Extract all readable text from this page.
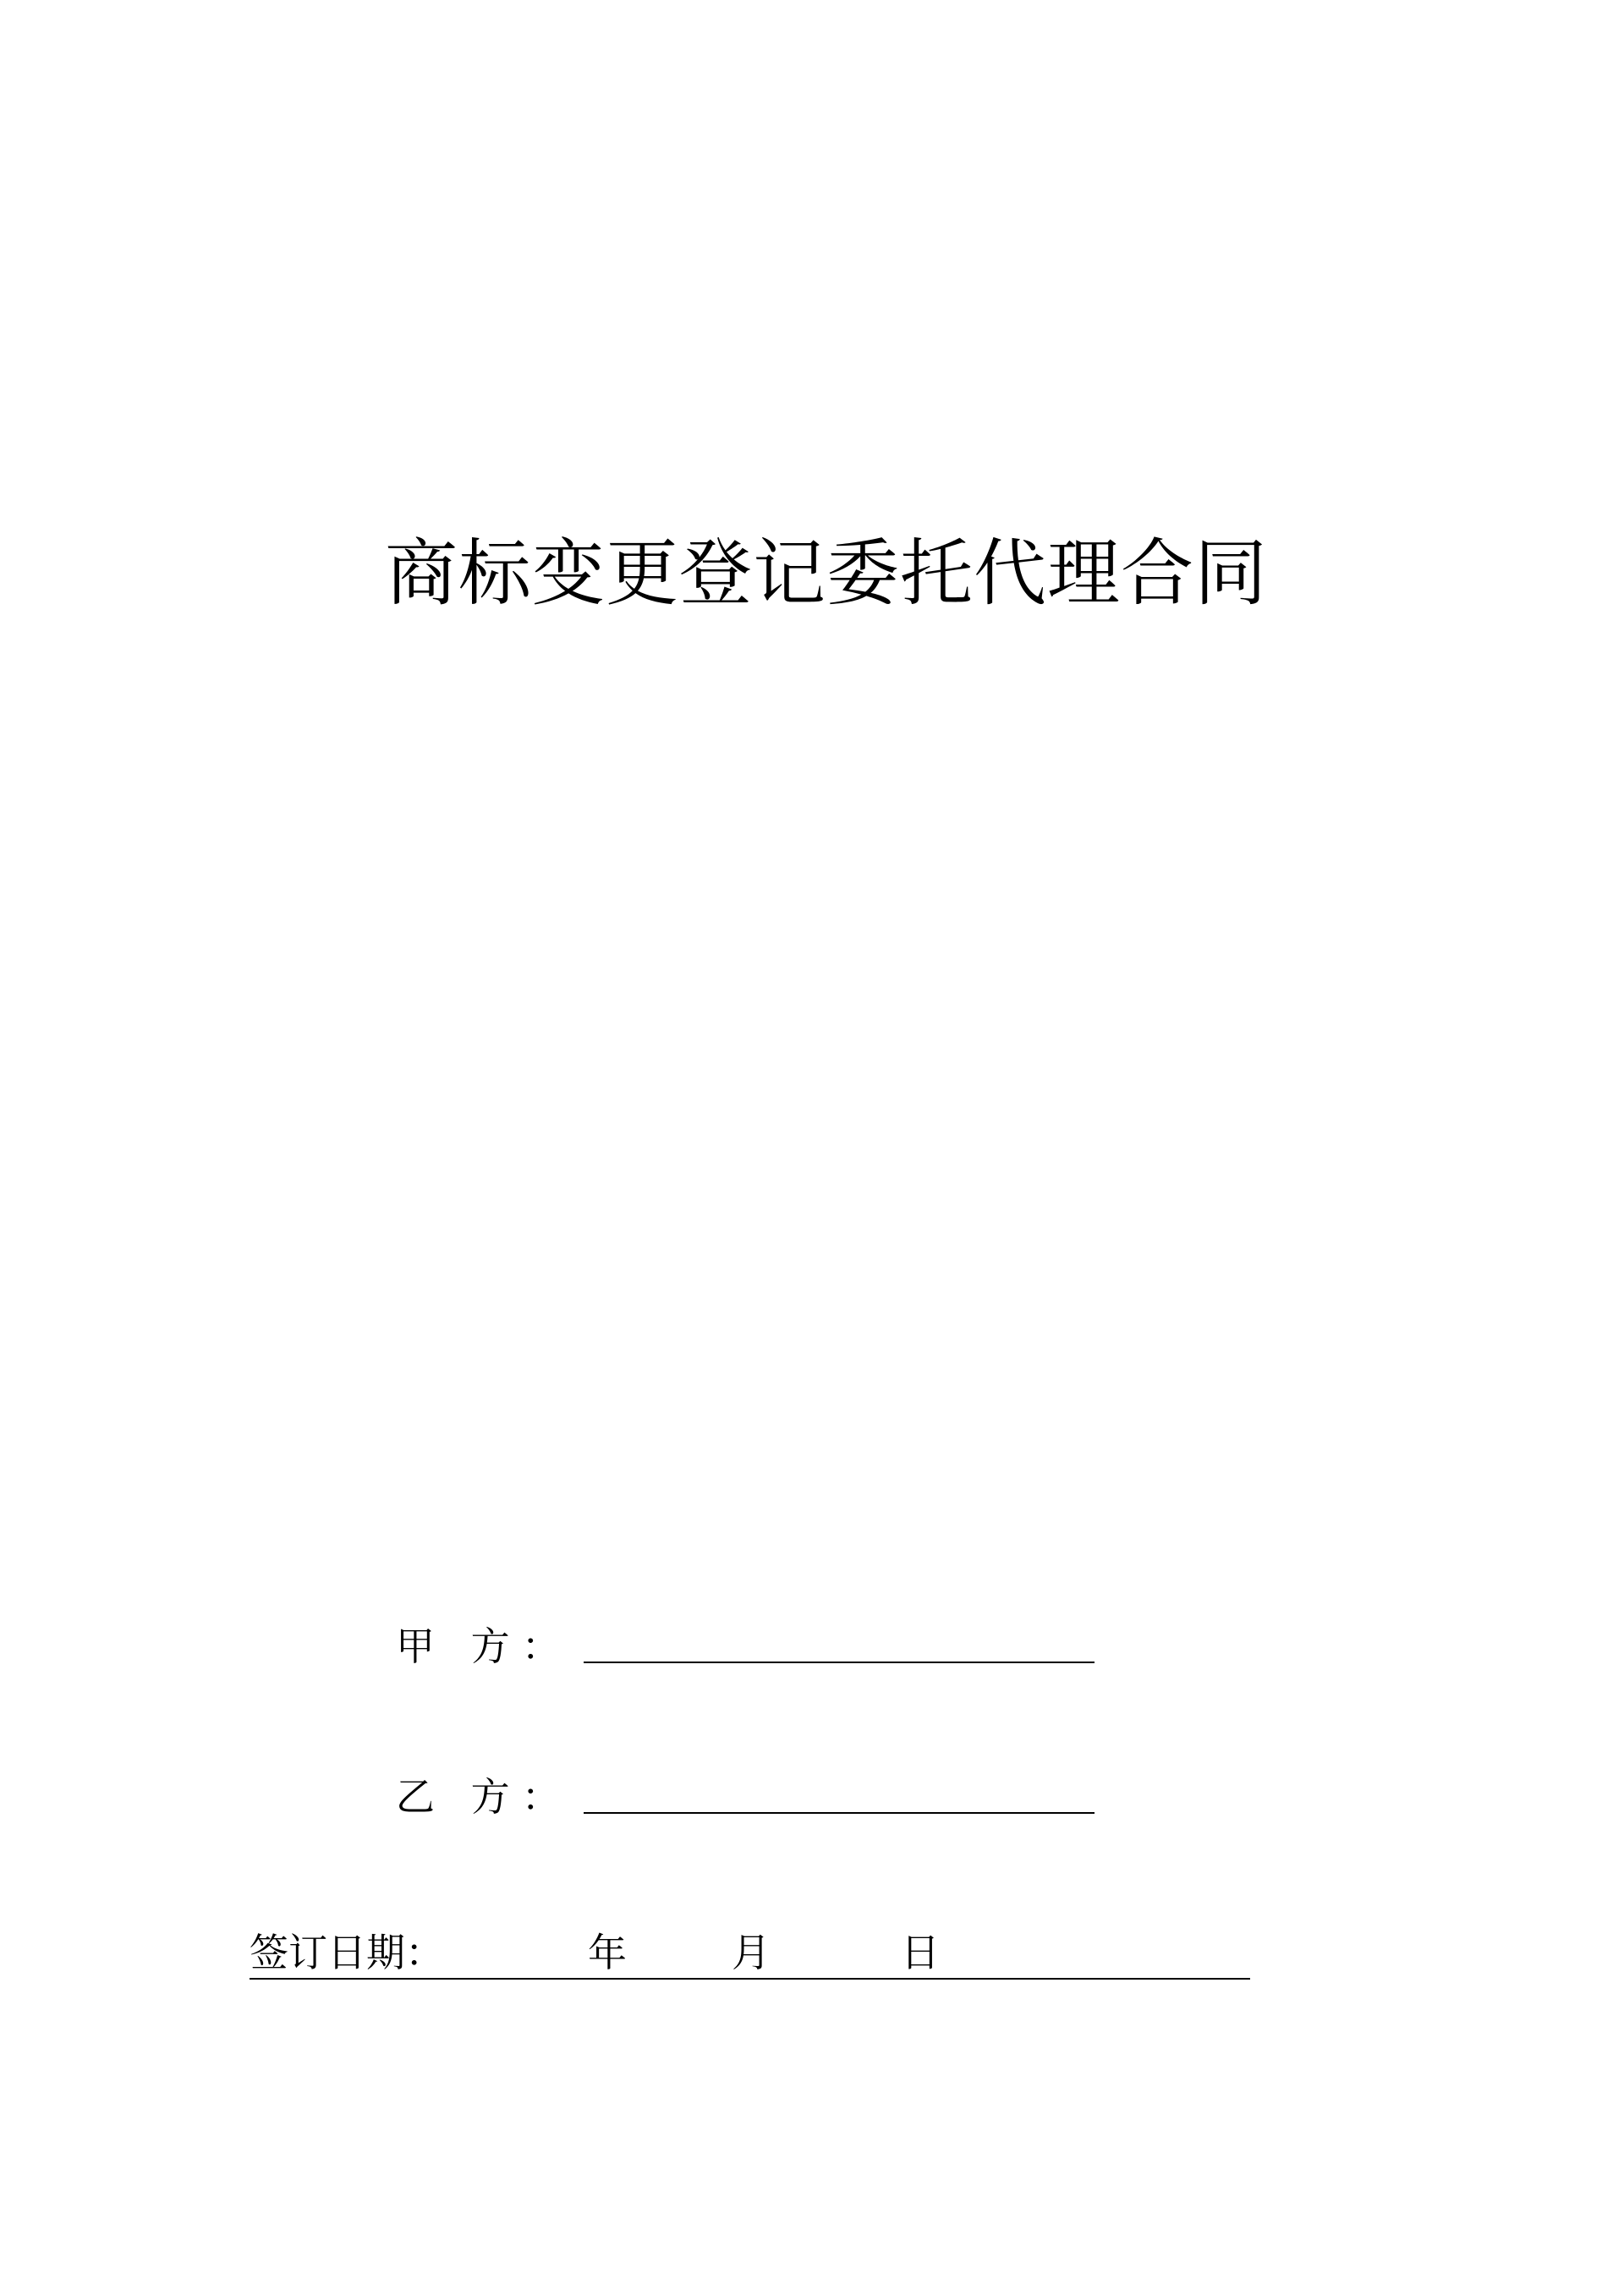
商标变更登记委托代理合同
甲 方：
乙 方：
签订日期：	年	月	日
